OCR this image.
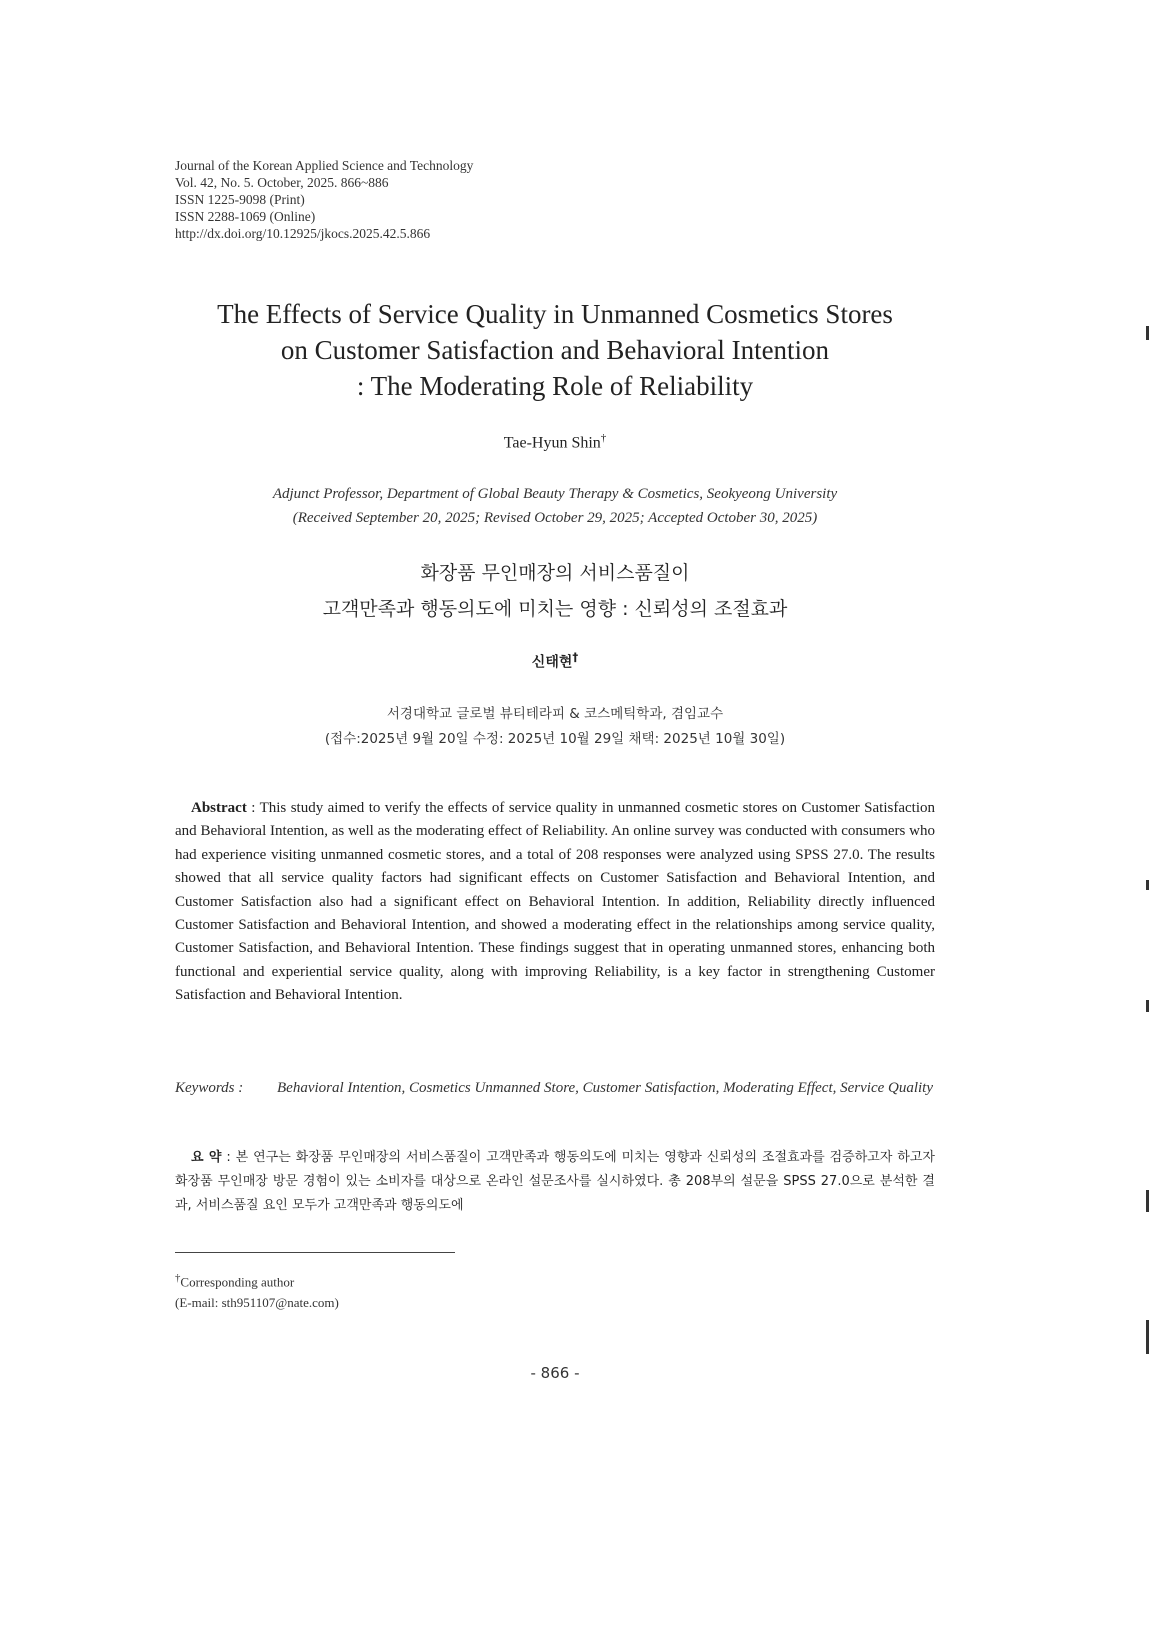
Journal of the Korean Applied Science and Technology
Vol. 42, No. 5. October, 2025. 866~886
ISSN 1225-9098 (Print)
ISSN 2288-1069 (Online)
http://dx.doi.org/10.12925/jkocs.2025.42.5.866
The Effects of Service Quality in Unmanned Cosmetics Stores
on Customer Satisfaction and Behavioral Intention
: The Moderating Role of Reliability
Tae-Hyun Shin†
Adjunct Professor, Department of Global Beauty Therapy & Cosmetics, Seokyeong University
(Received September 20, 2025; Revised October 29, 2025; Accepted October 30, 2025)
화장품 무인매장의 서비스품질이
고객만족과 행동의도에 미치는 영향 : 신뢰성의 조절효과
신태현†
서경대학교 글로벌 뷰티테라피 & 코스메틱학과, 겸임교수
(접수:2025년 9월 20일 수정: 2025년 10월 29일 채택: 2025년 10월 30일)
Abstract : This study aimed to verify the effects of service quality in unmanned cosmetic stores on Customer Satisfaction and Behavioral Intention, as well as the moderating effect of Reliability. An online survey was conducted with consumers who had experience visiting unmanned cosmetic stores, and a total of 208 responses were analyzed using SPSS 27.0. The results showed that all service quality factors had significant effects on Customer Satisfaction and Behavioral Intention, and Customer Satisfaction also had a significant effect on Behavioral Intention. In addition, Reliability directly influenced Customer Satisfaction and Behavioral Intention, and showed a moderating effect in the relationships among service quality, Customer Satisfaction, and Behavioral Intention. These findings suggest that in operating unmanned stores, enhancing both functional and experiential service quality, along with improving Reliability, is a key factor in strengthening Customer Satisfaction and Behavioral Intention.
Keywords :	Behavioral Intention, Cosmetics Unmanned Store, Customer Satisfaction, Moderating Effect, Service Quality
요 약 : 본 연구는 화장품 무인매장의 서비스품질이 고객만족과 행동의도에 미치는 영향과 신뢰성의 조절효과를 검증하고자 하고자 화장품 무인매장 방문 경험이 있는 소비자를 대상으로 온라인 설문조사를 실시하였다. 총 208부의 설문을 SPSS 27.0으로 분석한 결과, 서비스품질 요인 모두가 고객만족과 행동의도에
†Corresponding author
(E-mail: sth951107@nate.com)
- 866 -
